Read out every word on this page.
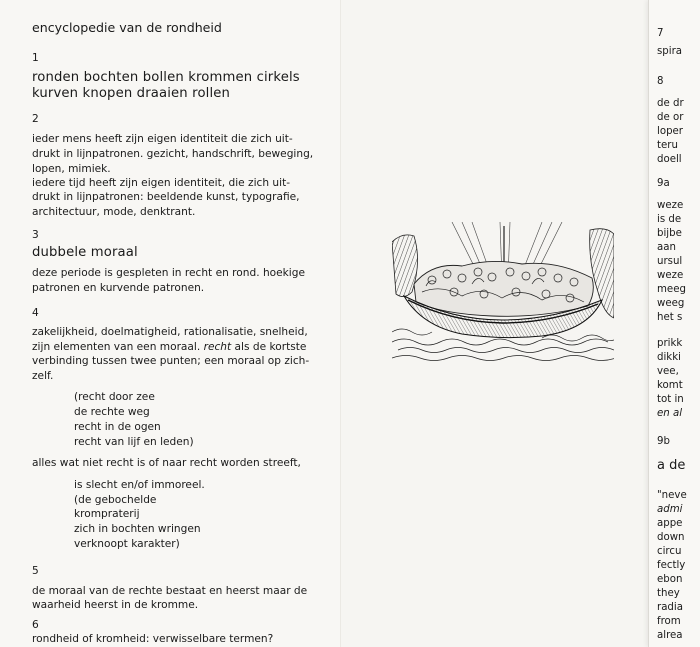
encyclopedie van de rondheid
1
ronden bochten bollen krommen cirkels
kurven knopen draaien rollen
2
ieder mens heeft zijn eigen identiteit die zich uit-
drukt in lijnpatronen. gezicht, handschrift, beweging,
lopen, mimiek.
iedere tijd heeft zijn eigen identiteit, die zich uit-
drukt in lijnpatronen: beeldende kunst, typografie,
architectuur, mode, denktrant.
3
dubbele moraal
deze periode is gespleten in recht en rond. hoekige
patronen en kurvende patronen.
4
zakelijkheid, doelmatigheid, rationalisatie, snelheid,
zijn elementen van een moraal. recht als de kortste
verbinding tussen twee punten; een moraal op zich-
zelf.
(recht door zee
de rechte weg
recht in de ogen
recht van lijf en leden)
alles wat niet recht is of naar recht worden streeft,
is slecht en/of immoreel.
(de gebochelde
krompraterij
zich in bochten wringen
verknoopt karakter)
5
de moraal van de rechte bestaat en heerst maar de
waarheid heerst in de kromme.
6
rondheid of kromheid: verwisselbare termen?
7
spira
8
de dr
de or
loper
teru
doell
9a
weze
is de
bijbe
aan
ursul
weze
meeg
weeg
het s
prikk
dikki
vee,
komt
tot in
en al
9b
a de
"neve
admi
appe
down
circu
fectly
ebon
they
radia
from
alrea
